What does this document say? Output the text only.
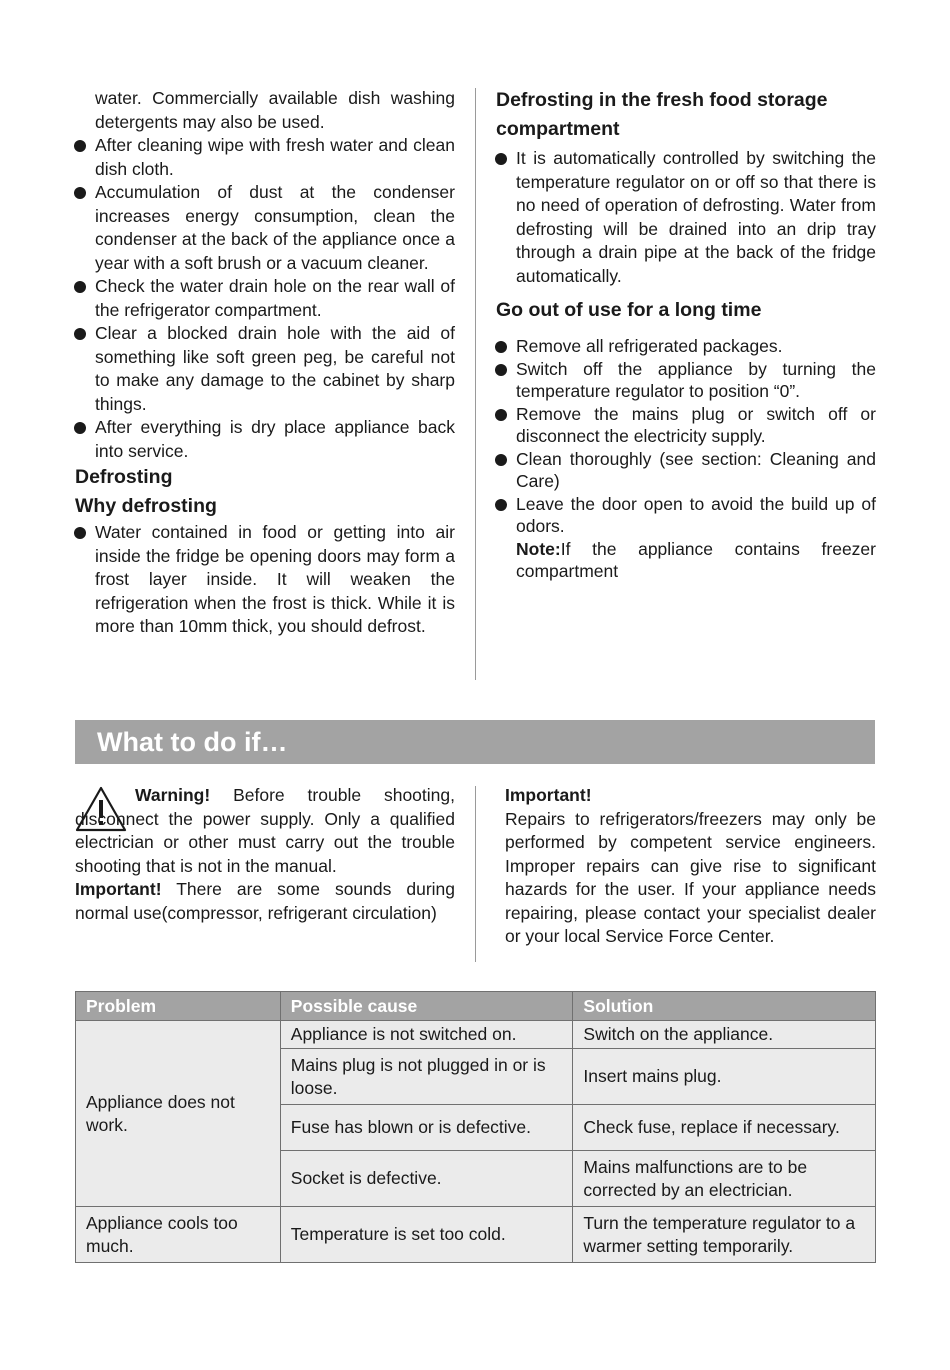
water. Commercially available dish washing detergents may also be used.

After cleaning wipe with fresh water and clean dish cloth.
Accumulation of dust at the condenser increases energy consumption, clean the condenser at the back of the appliance once a year with a soft brush or a vacuum cleaner.
Check the water drain hole on the rear wall of the refrigerator compartment.
Clear a blocked drain hole with the aid of something like soft green peg, be careful not to make any damage to the cabinet by sharp things.
After everything is dry place appliance back into service.
Defrosting
Why defrosting
Water contained in food or getting into air inside the fridge be opening doors may form a frost layer inside. It will weaken the refrigeration when the frost is thick. While it is more than 10mm thick, you should defrost.
Defrosting in the fresh food storage compartment
It is automatically controlled by switching the temperature regulator on or off so that there is no need of operation of defrosting. Water from defrosting will be drained into an drip tray through a drain pipe at the back of the fridge automatically.
Go out of use for a long time
Remove all refrigerated packages.
Switch off the appliance by turning the temperature regulator to position “0”.
Remove the mains plug or switch off or disconnect the electricity supply.
Clean thoroughly (see section: Cleaning and Care)
Leave the door open to avoid the build up of odors.

Note:If the appliance contains freezer compartment

What to do if…

Warning! Before trouble shooting, disconnect the power supply. Only a qualified electrician or other must carry out the trouble shooting that is not in the manual.

Important! There are some sounds during normal use(compressor, refrigerant circulation)

Important!

Repairs to refrigerators/freezers may only be performed by competent service engineers. Improper repairs can give rise to significant hazards for the user. If your appliance needs repairing, please contact your specialist dealer or your local Service Force Center.

Problem	Possible cause	Solution
Appliance does not work.	Appliance is not switched on.	Switch on the appliance.
	Mains plug is not plugged in or is loose.	Insert mains plug.
	Fuse has blown or is defective.	Check fuse, replace if necessary.
	Socket is defective.	Mains malfunctions are to be corrected by an electrician.
Appliance cools too much.	Temperature is set too cold.	Turn the temperature regulator to a warmer setting temporarily.
